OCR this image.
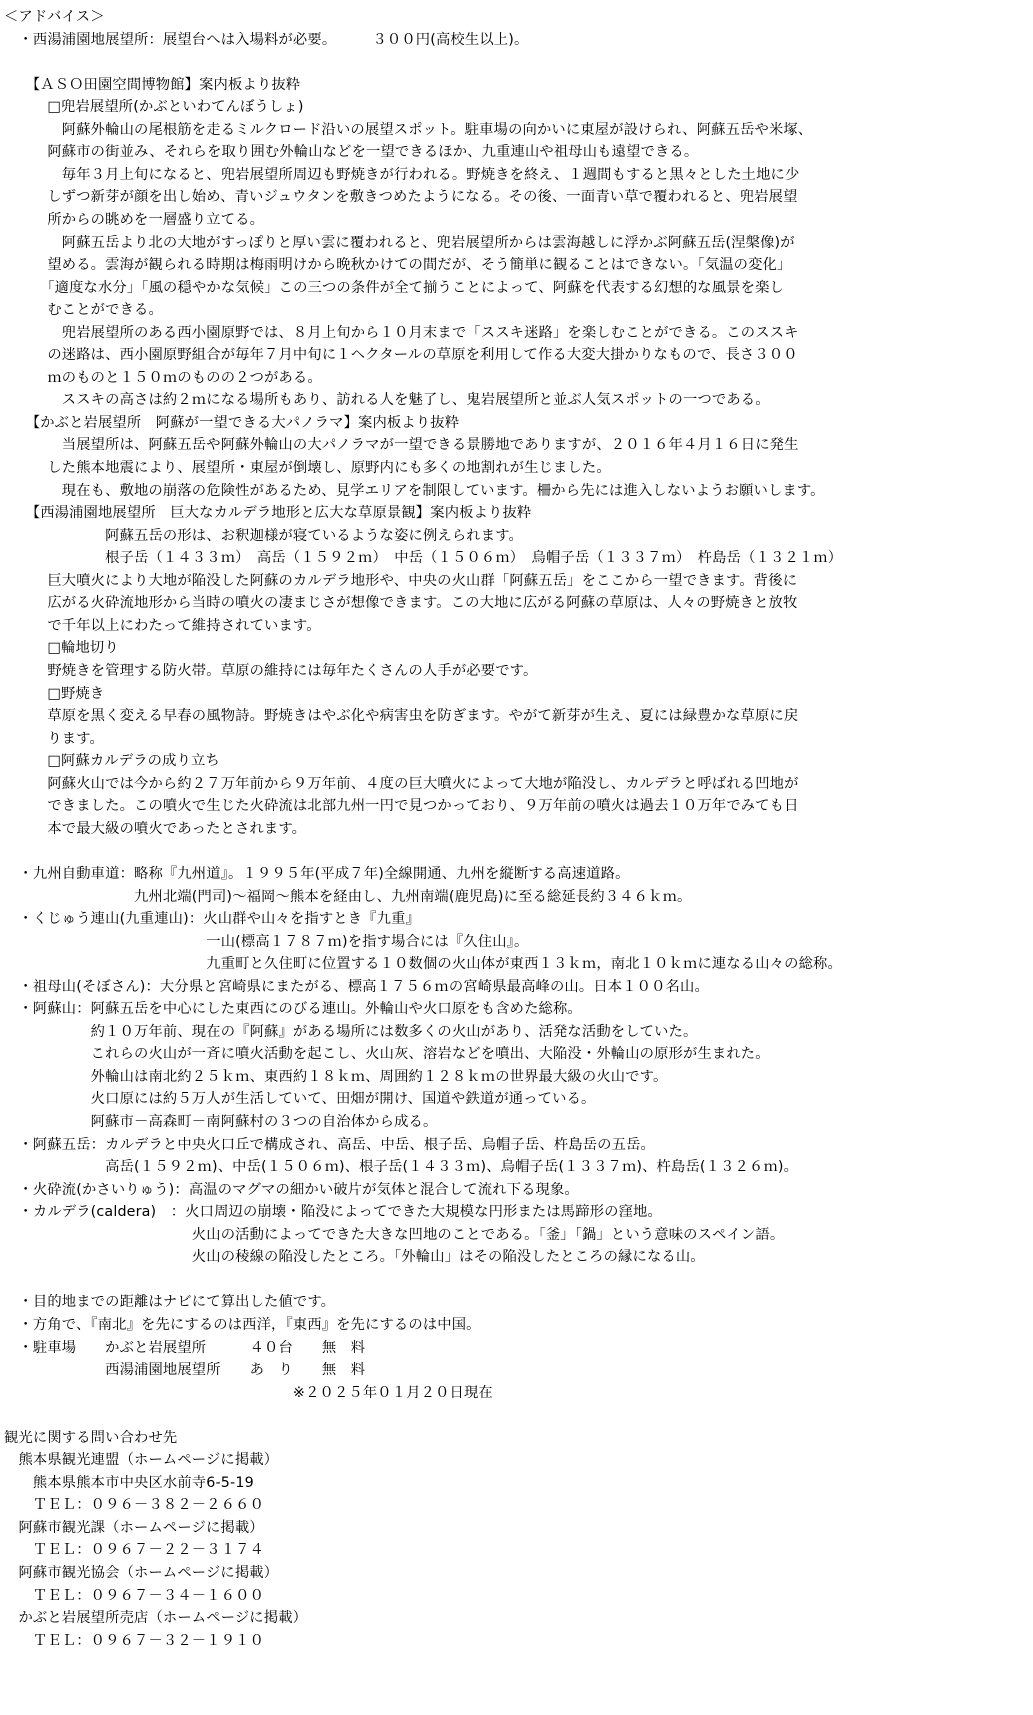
＜アドバイス＞
　・西湯浦園地展望所：展望台へは入場料が必要。　　　３００円(高校生以上)。
　　【ＡＳＯ田園空間博物館】案内板より抜粋
　　　□兜岩展望所(かぶといわてんぼうしょ)
　　　　阿蘇外輪山の尾根筋を走るミルクロード沿いの展望スポット。駐車場の向かいに東屋が設けられ、阿蘇五岳や米塚、
　　　阿蘇市の街並み、それらを取り囲む外輪山などを一望できるほか、九重連山や祖母山も遠望できる。
　　　　毎年３月上旬になると、兜岩展望所周辺も野焼きが行われる。野焼きを終え、１週間もすると黒々とした土地に少
　　　しずつ新芽が顔を出し始め、青いジュウタンを敷きつめたようになる。その後、一面青い草で覆われると、兜岩展望
　　　所からの眺めを一層盛り立てる。
　　　　阿蘇五岳より北の大地がすっぽりと厚い雲に覆われると、兜岩展望所からは雲海越しに浮かぶ阿蘇五岳(涅槃像)が
　　　望める。雲海が観られる時期は梅雨明けから晩秋かけての間だが、そう簡単に観ることはできない。「気温の変化」
　　　「適度な水分」「風の穏やかな気候」この三つの条件が全て揃うことによって、阿蘇を代表する幻想的な風景を楽し
　　　むことができる。
　　　　兜岩展望所のある西小園原野では、８月上旬から１０月末まで「ススキ迷路」を楽しむことができる。このススキ
　　　の迷路は、西小園原野組合が毎年７月中旬に１ヘクタールの草原を利用して作る大変大掛かりなもので、長さ３００
　　　ｍのものと１５０ｍのものの２つがある。
　　　　ススキの高さは約２ｍになる場所もあり、訪れる人を魅了し、鬼岩展望所と並ぶ人気スポットの一つである。
　　【かぶと岩展望所　阿蘇が一望できる大パノラマ】案内板より抜粋
　　　　当展望所は、阿蘇五岳や阿蘇外輪山の大パノラマが一望できる景勝地でありますが、２０１６年４月１６日に発生
　　　した熊本地震により、展望所・東屋が倒壊し、原野内にも多くの地割れが生じました。
　　　　現在も、敷地の崩落の危険性があるため、見学エリアを制限しています。柵から先には進入しないようお願いします。
　　【西湯浦園地展望所　巨大なカルデラ地形と広大な草原景観】案内板より抜粋
　　　　　　　阿蘇五岳の形は、お釈迦様が寝ているような姿に例えられます。
　　　　　　　根子岳（１４３３ｍ）　高岳（１５９２ｍ）　中岳（１５０６ｍ）　烏帽子岳（１３３７ｍ）　杵島岳（１３２１ｍ）
　　　巨大噴火により大地が陥没した阿蘇のカルデラ地形や、中央の火山群「阿蘇五岳」をここから一望できます。背後に
　　　広がる火砕流地形から当時の噴火の凄まじさが想像できます。この大地に広がる阿蘇の草原は、人々の野焼きと放牧
　　　で千年以上にわたって維持されています。
　　　□輪地切り
　　　野焼きを管理する防火帯。草原の維持には毎年たくさんの人手が必要です。
　　　□野焼き
　　　草原を黒く変える早春の風物詩。野焼きはやぶ化や病害虫を防ぎます。やがて新芽が生え、夏には緑豊かな草原に戻
　　　ります。
　　　□阿蘇カルデラの成り立ち
　　　阿蘇火山では今から約２７万年前から９万年前、４度の巨大噴火によって大地が陥没し、カルデラと呼ばれる凹地が
　　　できました。この噴火で生じた火砕流は北部九州一円で見つかっており、９万年前の噴火は過去１０万年でみても日
　　　本で最大級の噴火であったとされます。
　・九州自動車道：略称『九州道』。１９９５年(平成７年)全線開通、九州を縦断する高速道路。
　　　　　　　　　九州北端(門司)～福岡～熊本を経由し、九州南端(鹿児島)に至る総延長約３４６ｋｍ。
　・くじゅう連山(九重連山)：火山群や山々を指すとき『九重』
　　　　　　　　　　　　　　一山(標高１７８７ｍ)を指す場合には『久住山』。
　　　　　　　　　　　　　　九重町と久住町に位置する１０数個の火山体が東西１３ｋｍ，南北１０ｋｍに連なる山々の総称。
　・祖母山(そぼさん)：大分県と宮崎県にまたがる、標高１７５６ｍの宮崎県最高峰の山。日本１００名山。
　・阿蘇山：阿蘇五岳を中心にした東西にのびる連山。外輪山や火口原をも含めた総称。
　　　　　　約１０万年前、現在の『阿蘇』がある場所には数多くの火山があり、活発な活動をしていた。
　　　　　　これらの火山が一斉に噴火活動を起こし、火山灰、溶岩などを噴出、大陥没・外輪山の原形が生まれた。
　　　　　　外輪山は南北約２５ｋｍ、東西約１８ｋｍ、周囲約１２８ｋｍの世界最大級の火山です。
　　　　　　火口原には約５万人が生活していて、田畑が開け、国道や鉄道が通っている。
　　　　　　阿蘇市－高森町－南阿蘇村の３つの自治体から成る。
　・阿蘇五岳：カルデラと中央火口丘で構成され、高岳、中岳、根子岳、烏帽子岳、杵島岳の五岳。
　　　　　　　高岳(１５９２ｍ)、中岳(１５０６ｍ)、根子岳(１４３３ｍ)、烏帽子岳(１３３７ｍ)、杵島岳(１３２６ｍ)。
　・火砕流(かさいりゅう)：高温のマグマの細かい破片が気体と混合して流れ下る現象。
　・カルデラ(caldera)　：火口周辺の崩壊・陥没によってできた大規模な円形または馬蹄形の窪地。
　　　　　　　　　　　　　火山の活動によってできた大きな凹地のことである。「釜」「鍋」という意味のスペイン語。
　　　　　　　　　　　　　火山の稜線の陥没したところ。「外輪山」はその陥没したところの縁になる山。
　・目的地までの距離はナビにて算出した値です。
　・方角で、『南北』を先にするのは西洋，『東西』を先にするのは中国。
　・駐車場　　かぶと岩展望所　　　４０台　　無　料
　　　　　　　西湯浦園地展望所　　あ　り　　無　料
　　　　　　　　　　　　　　　　　　　　※２０２５年０１月２０日現在
観光に関する問い合わせ先
　熊本県観光連盟（ホームページに掲載）
　　熊本県熊本市中央区水前寺6-5-19
　　ＴＥＬ：０９６－３８２－２６６０
　阿蘇市観光課（ホームページに掲載）
　　ＴＥＬ：０９６７－２２－３１７４
　阿蘇市観光協会（ホームページに掲載）
　　ＴＥＬ：０９６７－３４－１６００
　かぶと岩展望所売店（ホームページに掲載）
　　ＴＥＬ：０９６７－３２－１９１０
